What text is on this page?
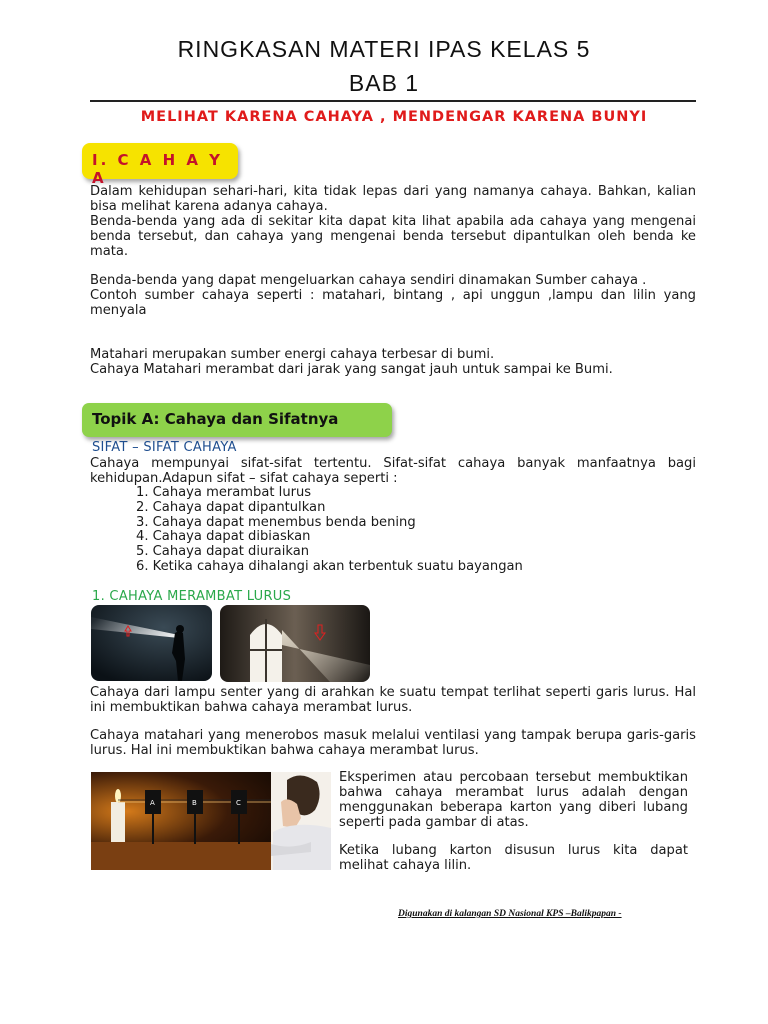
RINGKASAN MATERI IPAS KELAS 5
BAB 1
MELIHAT KARENA CAHAYA , MENDENGAR KARENA BUNYI
I. C A H A Y A
Dalam kehidupan sehari-hari, kita tidak lepas dari yang namanya cahaya. Bahkan, kalian bisa melihat karena adanya cahaya.
Benda-benda yang ada di sekitar kita dapat kita lihat apabila ada cahaya yang mengenai benda tersebut, dan cahaya yang mengenai benda tersebut dipantulkan oleh benda ke mata.
Benda-benda yang dapat mengeluarkan cahaya sendiri dinamakan Sumber cahaya .
Contoh sumber cahaya seperti : matahari, bintang , api unggun ,lampu dan lilin yang menyala
Matahari merupakan sumber energi cahaya terbesar di bumi.
Cahaya Matahari merambat dari jarak yang sangat jauh untuk sampai ke Bumi.
Topik A: Cahaya dan Sifatnya
SIFAT – SIFAT CAHAYA
Cahaya mempunyai sifat-sifat tertentu. Sifat-sifat cahaya banyak manfaatnya bagi kehidupan.Adapun sifat – sifat cahaya seperti :
1. Cahaya merambat lurus
2. Cahaya dapat dipantulkan
3. Cahaya dapat menembus benda bening
4. Cahaya dapat dibiaskan
5. Cahaya dapat diuraikan
6. Ketika cahaya dihalangi akan terbentuk suatu bayangan
1. CAHAYA MERAMBAT LURUS
Cahaya dari lampu senter yang di arahkan ke suatu tempat terlihat seperti garis lurus. Hal ini membuktikan bahwa cahaya merambat lurus.
Cahaya matahari yang menerobos masuk melalui ventilasi yang tampak berupa garis-garis lurus. Hal ini membuktikan bahwa cahaya merambat lurus.
A	B	C
Eksperimen atau percobaan tersebut membuktikan bahwa cahaya merambat lurus adalah dengan menggunakan beberapa karton yang diberi lubang seperti pada gambar di atas.
Ketika lubang karton disusun lurus kita dapat melihat cahaya lilin.
Digunakan di kalangan SD Nasional KPS –Balikpapan -
